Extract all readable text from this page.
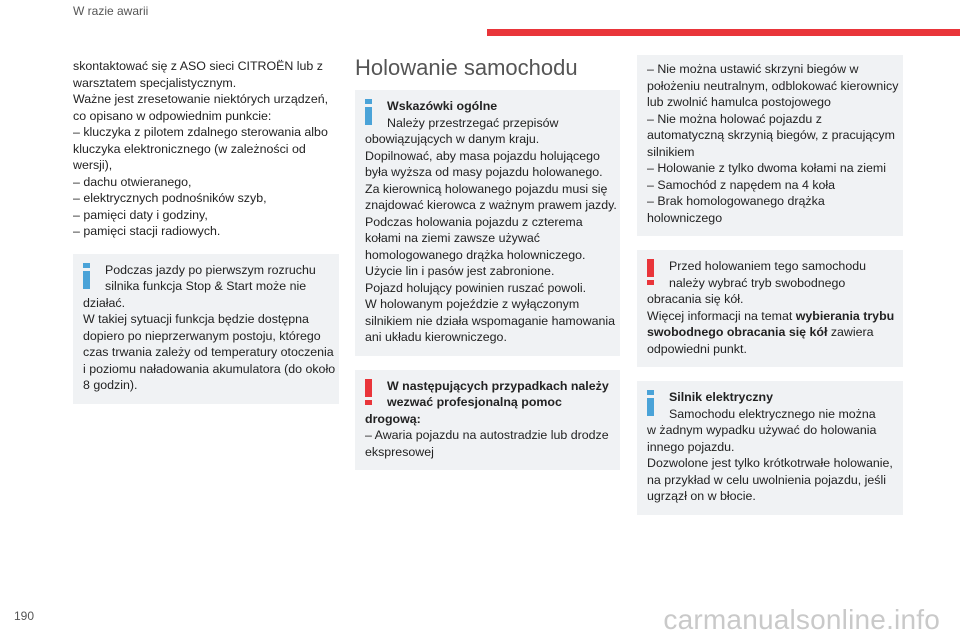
W razie awarii
skontaktować się z ASO sieci CITROËN lub z
warsztatem specjalistycznym.
Ważne jest zresetowanie niektórych urządzeń,
co opisano w odpowiednim punkcie:
– kluczyka z pilotem zdalnego sterowania albo
kluczyka elektronicznego (w zależności od
wersji),
– dachu otwieranego,
– elektrycznych podnośników szyb,
– pamięci daty i godziny,
– pamięci stacji radiowych.
Podczas jazdy po pierwszym rozruchu
silnika funkcja Stop & Start może nie
działać.
W takiej sytuacji funkcja będzie dostępna
dopiero po nieprzerwanym postoju, którego
czas trwania zależy od temperatury otoczenia
i poziomu naładowania akumulatora (do około
8 godzin).
Holowanie samochodu
Wskazówki ogólne
Należy przestrzegać przepisów
obowiązujących w danym kraju.
Dopilnować, aby masa pojazdu holującego
była wyższa od masy pojazdu holowanego.
Za kierownicą holowanego pojazdu musi się
znajdować kierowca z ważnym prawem jazdy.
Podczas holowania pojazdu z czterema
kołami na ziemi zawsze używać
homologowanego drążka holowniczego.
Użycie lin i pasów jest zabronione.
Pojazd holujący powinien ruszać powoli.
W holowanym pojeździe z wyłączonym
silnikiem nie działa wspomaganie hamowania
ani układu kierowniczego.
W następujących przypadkach należy
wezwać profesjonalną pomoc
drogową:
– Awaria pojazdu na autostradzie lub drodze
ekspresowej
– Nie można ustawić skrzyni biegów w
położeniu neutralnym, odblokować kierownicy
lub zwolnić hamulca postojowego
– Nie można holować pojazdu z
automatyczną skrzynią biegów, z pracującym
silnikiem
– Holowanie z tylko dwoma kołami na ziemi
– Samochód z napędem na 4 koła
– Brak homologowanego drążka
holowniczego
Przed holowaniem tego samochodu
należy wybrać tryb swobodnego
obracania się kół.
Więcej informacji na temat wybierania trybu
swobodnego obracania się kół zawiera
odpowiedni punkt.
Silnik elektryczny
Samochodu elektrycznego nie można
w żadnym wypadku używać do holowania
innego pojazdu.
Dozwolone jest tylko krótkotrwałe holowanie,
na przykład w celu uwolnienia pojazdu, jeśli
ugrzązł on w błocie.
190	carmanualsonline.info
